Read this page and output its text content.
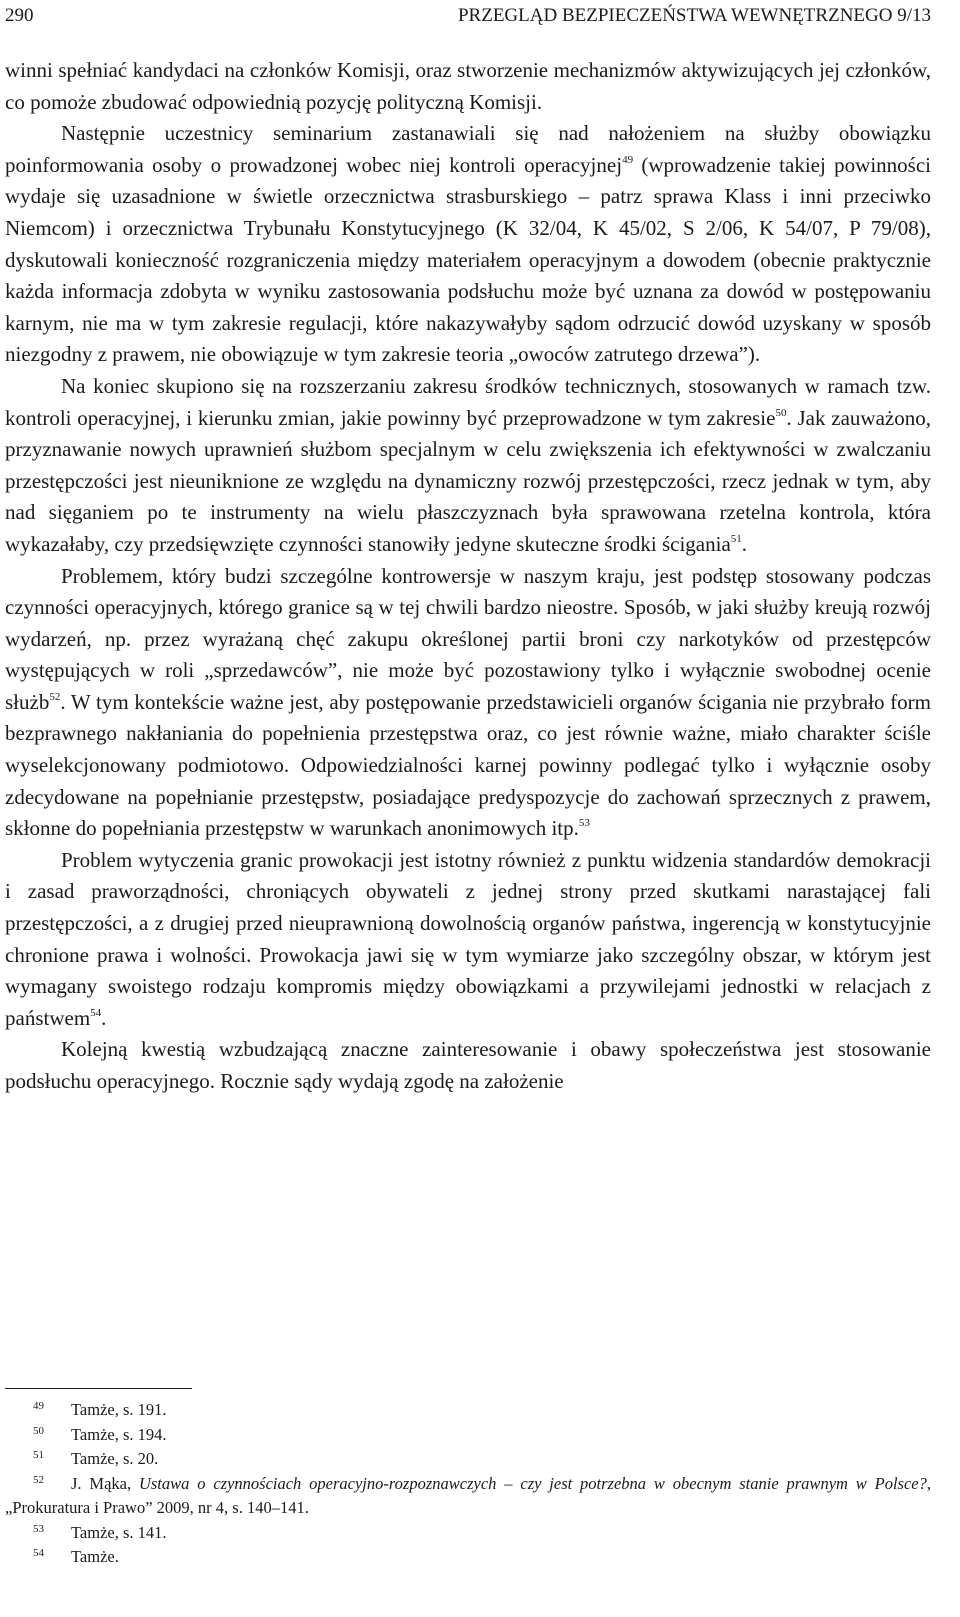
290	PRZEGLĄD BEZPIECZEŃSTWA WEWNĘTRZNEGO 9/13

winni spełniać kandydaci na członków Komisji, oraz stworzenie mechanizmów aktywizujących jej członków, co pomoże zbudować odpowiednią pozycję polityczną Komisji.

Następnie uczestnicy seminarium zastanawiali się nad nałożeniem na służby obowiązku poinformowania osoby o prowadzonej wobec niej kontroli operacyjnej$^{49}$ (wprowadzenie takiej powinności wydaje się uzasadnione w świetle orzecznictwa strasburskiego – patrz sprawa Klass i inni przeciwko Niemcom) i orzecznictwa Trybunału Konstytucyjnego (K 32/04, K 45/02, S 2/06, K 54/07, P 79/08), dyskutowali konieczność rozgraniczenia między materiałem operacyjnym a dowodem (obecnie praktycznie każda informacja zdobyta w wyniku zastosowania podsłuchu może być uznana za dowód w postępowaniu karnym, nie ma w tym zakresie regulacji, które nakazywałyby sądom odrzucić dowód uzyskany w sposób niezgodny z prawem, nie obowiązuje w tym zakresie teoria „owoców zatrutego drzewa”).

Na koniec skupiono się na rozszerzaniu zakresu środków technicznych, stosowanych w ramach tzw. kontroli operacyjnej, i kierunku zmian, jakie powinny być przeprowadzone w tym zakresie$^{50}$. Jak zauważono, przyznawanie nowych uprawnień służbom specjalnym w celu zwiększenia ich efektywności w zwalczaniu przestępczości jest nieuniknione ze względu na dynamiczny rozwój przestępczości, rzecz jednak w tym, aby nad sięganiem po te instrumenty na wielu płaszczyznach była sprawowana rzetelna kontrola, która wykazałaby, czy przedsięwzięte czynności stanowiły jedyne skuteczne środki ścigania$^{51}$.

Problemem, który budzi szczególne kontrowersje w naszym kraju, jest podstęp stosowany podczas czynności operacyjnych, którego granice są w tej chwili bardzo nieostre. Sposób, w jaki służby kreują rozwój wydarzeń, np. przez wyrażaną chęć zakupu określonej partii broni czy narkotyków od przestępców występujących w roli „sprzedawców”, nie może być pozostawiony tylko i wyłącznie swobodnej ocenie służb$^{52}$. W tym kontekście ważne jest, aby postępowanie przedstawicieli organów ścigania nie przybrało form bezprawnego nakłaniania do popełnienia przestępstwa oraz, co jest równie ważne, miało charakter ściśle wyselekcjonowany podmiotowo. Odpowiedzialności karnej powinny podlegać tylko i wyłącznie osoby zdecydowane na popełnianie przestępstw, posiadające predyspozycje do zachowań sprzecznych z prawem, skłonne do popełniania przestępstw w warunkach anonimowych itp.$^{53}$

Problem wytyczenia granic prowokacji jest istotny również z punktu widzenia standardów demokracji i zasad praworządności, chroniących obywateli z jednej strony przed skutkami narastającej fali przestępczości, a z drugiej przed nieuprawnioną dowolnością organów państwa, ingerencją w konstytucyjnie chronione prawa i wolności. Prowokacja jawi się w tym wymiarze jako szczególny obszar, w którym jest wymagany swoistego rodzaju kompromis między obowiązkami a przywilejami jednostki w relacjach z państwem$^{54}$.

Kolejną kwestią wzbudzającą znaczne zainteresowanie i obawy społeczeństwa jest stosowanie podsłuchu operacyjnego. Rocznie sądy wydają zgodę na założenie

49 Tamże, s. 191.

50 Tamże, s. 194.

51 Tamże, s. 20.

52 J. Mąka, Ustawa o czynnościach operacyjno-rozpoznawczych – czy jest potrzebna w obecnym stanie prawnym w Polsce?, „Prokuratura i Prawo” 2009, nr 4, s. 140–141.

53 Tamże, s. 141.

54 Tamże.
